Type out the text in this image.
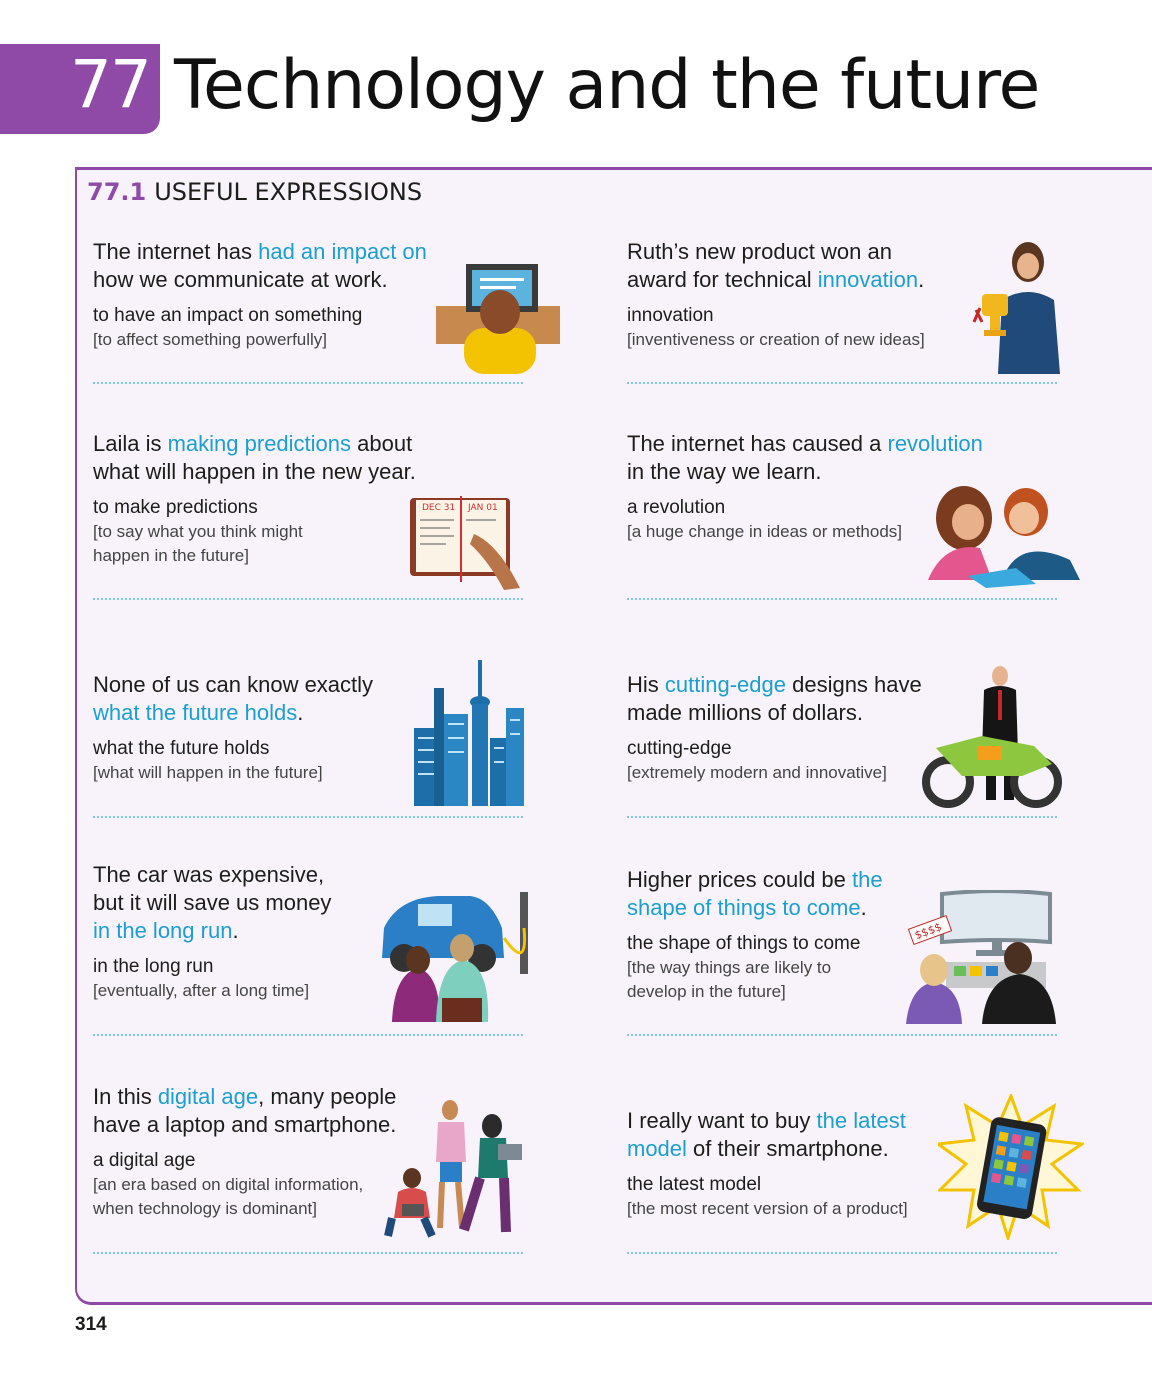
77 Technology and the future
77.1 USEFUL EXPRESSIONS

The internet has had an impact on
how we communicate at work.

to have an impact on something

[to affect something powerfully]

Ruth’s new product won an
award for technical innovation.

innovation

[inventiveness or creation of new ideas]

Laila is making predictions about
what will happen in the new year.

to make predictions

[to say what you think might

happen in the future]

DEC 31 JAN 01

The internet has caused a revolution
in the way we learn.

a revolution

[a huge change in ideas or methods]

None of us can know exactly
what the future holds.

what the future holds

[what will happen in the future]

His cutting-edge designs have
made millions of dollars.

cutting-edge

[extremely modern and innovative]

The car was expensive,
but it will save us money
in the long run.

in the long run

[eventually, after a long time]

Higher prices could be the
shape of things to come.

the shape of things to come

[the way things are likely to

develop in the future]

$$$$

In this digital age, many people
have a laptop and smartphone.

a digital age

[an era based on digital information,

when technology is dominant]

I really want to buy the latest
model of their smartphone.

the latest model

[the most recent version of a product]

314
